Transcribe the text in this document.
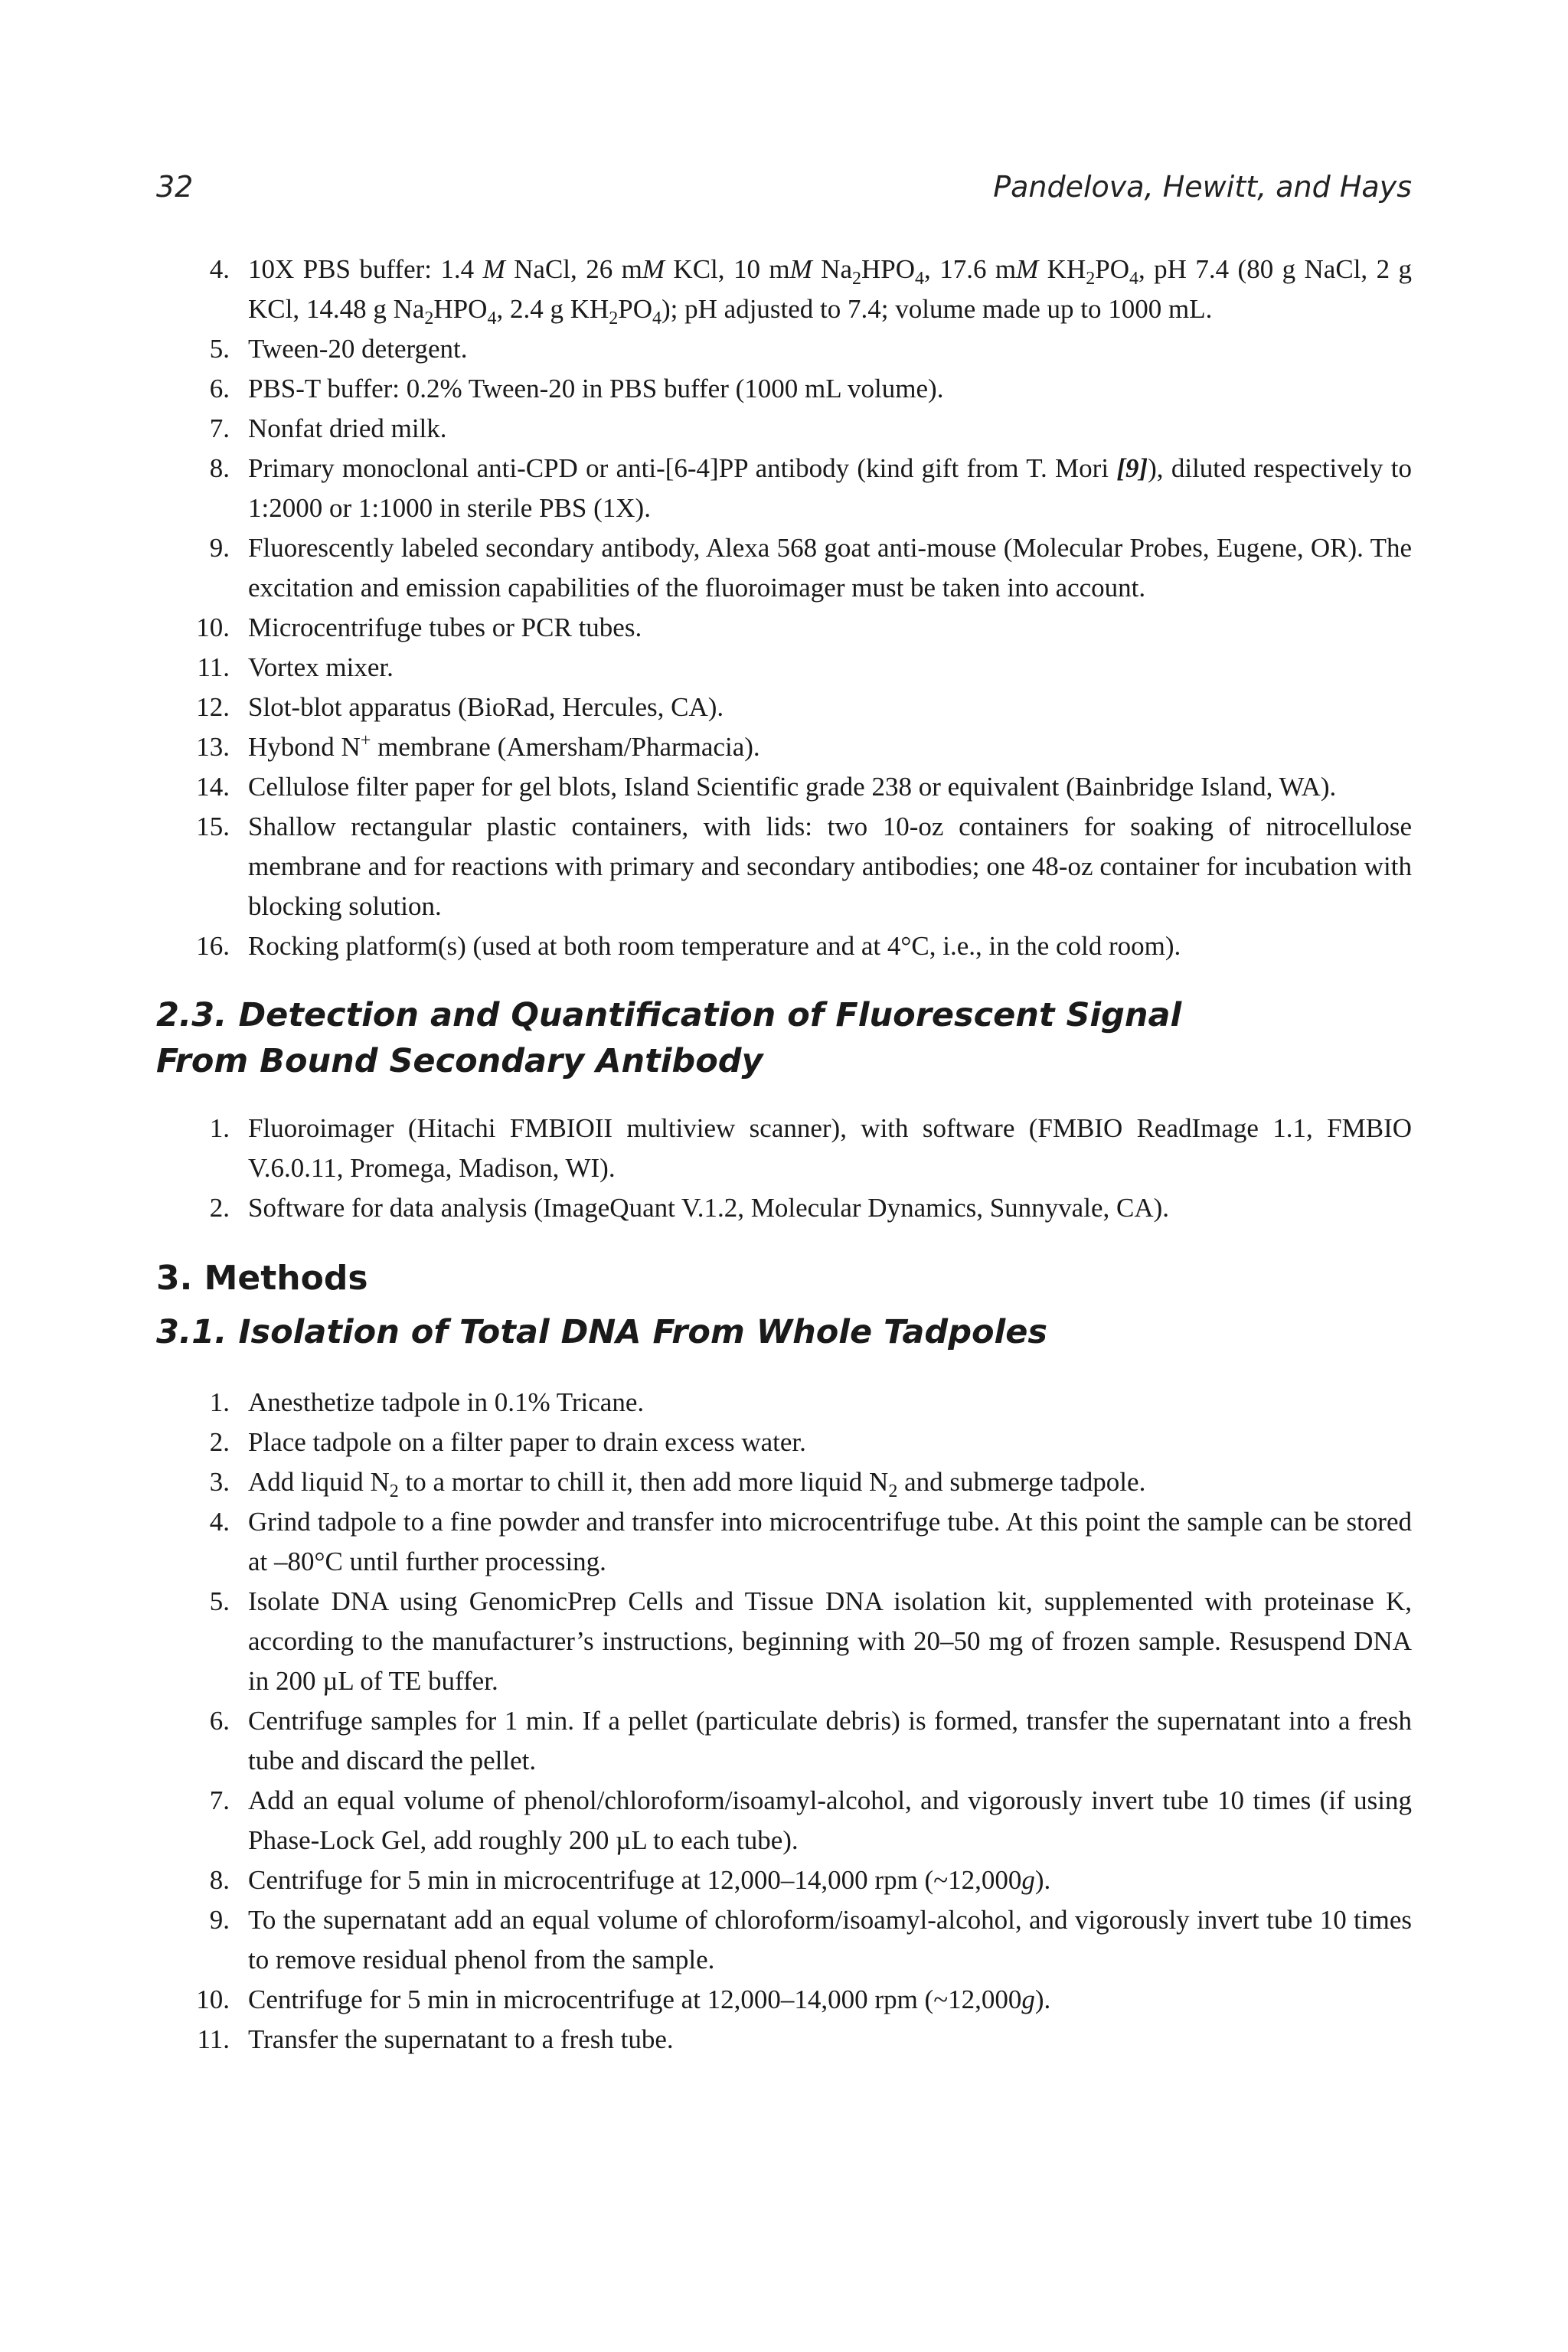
32	Pandelova, Hewitt, and Hays
4. 10X PBS buffer: 1.4 M NaCl, 26 mM KCl, 10 mM $Na_2HPO_4$, 17.6 mM $KH_2PO_4$, pH 7.4 (80 g NaCl, 2 g KCl, 14.48 g $Na_2HPO_4$, 2.4 g $KH_2PO_4$); pH adjusted to 7.4; volume made up to 1000 mL.
5. Tween-20 detergent.
6. PBS-T buffer: 0.2% Tween-20 in PBS buffer (1000 mL volume).
7. Nonfat dried milk.
8. Primary monoclonal anti-CPD or anti-[6-4]PP antibody (kind gift from T. Mori [9]), diluted respectively to 1:2000 or 1:1000 in sterile PBS (1X).
9. Fluorescently labeled secondary antibody, Alexa 568 goat anti-mouse (Molecular Probes, Eugene, OR). The excitation and emission capabilities of the fluoroimager must be taken into account.
10. Microcentrifuge tubes or PCR tubes.
11. Vortex mixer.
12. Slot-blot apparatus (BioRad, Hercules, CA).
13. Hybond N+ membrane (Amersham/Pharmacia).
14. Cellulose filter paper for gel blots, Island Scientific grade 238 or equivalent (Bainbridge Island, WA).
15. Shallow rectangular plastic containers, with lids: two 10-oz containers for soaking of nitrocellulose membrane and for reactions with primary and secondary antibodies; one 48-oz container for incubation with blocking solution.
16. Rocking platform(s) (used at both room temperature and at 4°C, i.e., in the cold room).
2.3. Detection and Quantification of Fluorescent Signal
From Bound Secondary Antibody
1. Fluoroimager (Hitachi FMBIOII multiview scanner), with software (FMBIO ReadImage 1.1, FMBIO V.6.0.11, Promega, Madison, WI).
2. Software for data analysis (ImageQuant V.1.2, Molecular Dynamics, Sunnyvale, CA).
3. Methods
3.1. Isolation of Total DNA From Whole Tadpoles
1. Anesthetize tadpole in 0.1% Tricane.
2. Place tadpole on a filter paper to drain excess water.
3. Add liquid $N_2$ to a mortar to chill it, then add more liquid $N_2$ and submerge tadpole.
4. Grind tadpole to a fine powder and transfer into microcentrifuge tube. At this point the sample can be stored at –80°C until further processing.
5. Isolate DNA using GenomicPrep Cells and Tissue DNA isolation kit, supplemented with proteinase K, according to the manufacturer’s instructions, beginning with 20–50 mg of frozen sample. Resuspend DNA in 200 µL of TE buffer.
6. Centrifuge samples for 1 min. If a pellet (particulate debris) is formed, transfer the supernatant into a fresh tube and discard the pellet.
7. Add an equal volume of phenol/chloroform/isoamyl-alcohol, and vigorously invert tube 10 times (if using Phase-Lock Gel, add roughly 200 µL to each tube).
8. Centrifuge for 5 min in microcentrifuge at 12,000–14,000 rpm (~12,000g).
9. To the supernatant add an equal volume of chloroform/isoamyl-alcohol, and vigorously invert tube 10 times to remove residual phenol from the sample.
10. Centrifuge for 5 min in microcentrifuge at 12,000–14,000 rpm (~12,000g).
11. Transfer the supernatant to a fresh tube.
